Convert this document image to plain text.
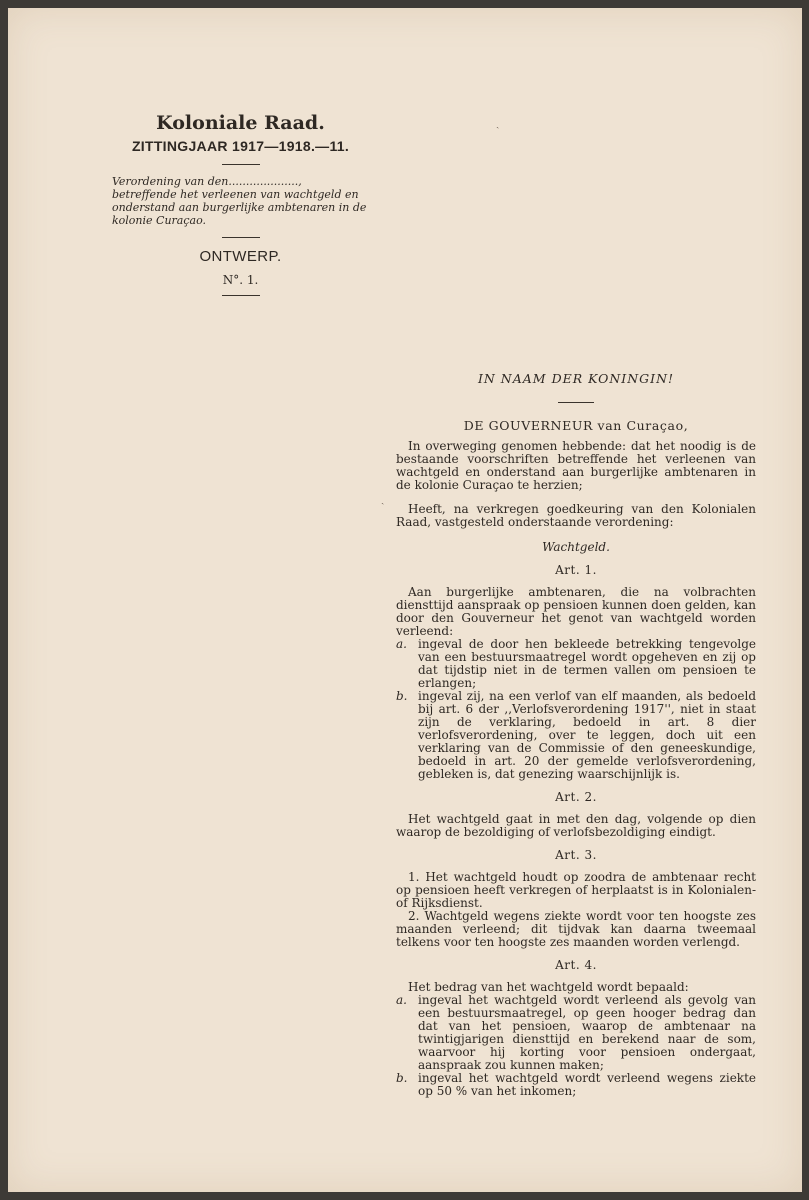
Koloniale Raad.
ZITTINGJAAR 1917—1918.—11.
Verordening van den....................,
betreffende het verleenen van wachtgeld en
onderstand aan burgerlijke ambtenaren in de
kolonie Curaçao.
ONTWERP.
N°. 1.
IN NAAM DER KONINGIN!
DE GOUVERNEUR van Curaçao,

In overweging genomen hebbende: dat het noodig is de bestaande voorschriften betreffende het verleenen van wachtgeld en onderstand aan burgerlijke ambtenaren in de kolonie Curaçao te herzien;

Heeft, na verkregen goedkeuring van den Kolonialen Raad, vastgesteld onderstaande verordening:

Wachtgeld.
Art. 1.

Aan burgerlijke ambtenaren, die na volbrachten diensttijd aanspraak op pensioen kunnen doen gelden, kan door den Gouverneur het genot van wachtgeld worden verleend:

a. ingeval de door hen bekleede betrekking tengevolge van een bestuursmaatregel wordt opgeheven en zij op dat tijdstip niet in de termen vallen om pensioen te erlangen;
b. ingeval zij, na een verlof van elf maanden, als bedoeld bij art. 6 der ,,Verlofsverordening 1917'', niet in staat zijn de verklaring, bedoeld in art. 8 dier verlofsverordening, over te leggen, doch uit een verklaring van de Commissie of den geneeskundige, bedoeld in art. 20 der gemelde verlofsverordening, gebleken is, dat genezing waarschijnlijk is.
Art. 2.

Het wachtgeld gaat in met den dag, volgende op dien waarop de bezoldiging of verlofsbezoldiging eindigt.

Art. 3.

1. Het wachtgeld houdt op zoodra de ambtenaar recht op pensioen heeft verkregen of herplaatst is in Kolonialen- of Rijksdienst.

2. Wachtgeld wegens ziekte wordt voor ten hoogste zes maanden verleend; dit tijdvak kan daarna tweemaal telkens voor ten hoogste zes maanden worden verlengd.

Art. 4.

Het bedrag van het wachtgeld wordt bepaald:

a. ingeval het wachtgeld wordt verleend als gevolg van een bestuursmaatregel, op geen hooger bedrag dan dat van het pensioen, waarop de ambtenaar na twintigjarigen diensttijd en berekend naar de som, waarvoor hij korting voor pensioen ondergaat, aanspraak zou kunnen maken;
b. ingeval het wachtgeld wordt verleend wegens ziekte op 50 % van het inkomen;
ˏ
ˏ
